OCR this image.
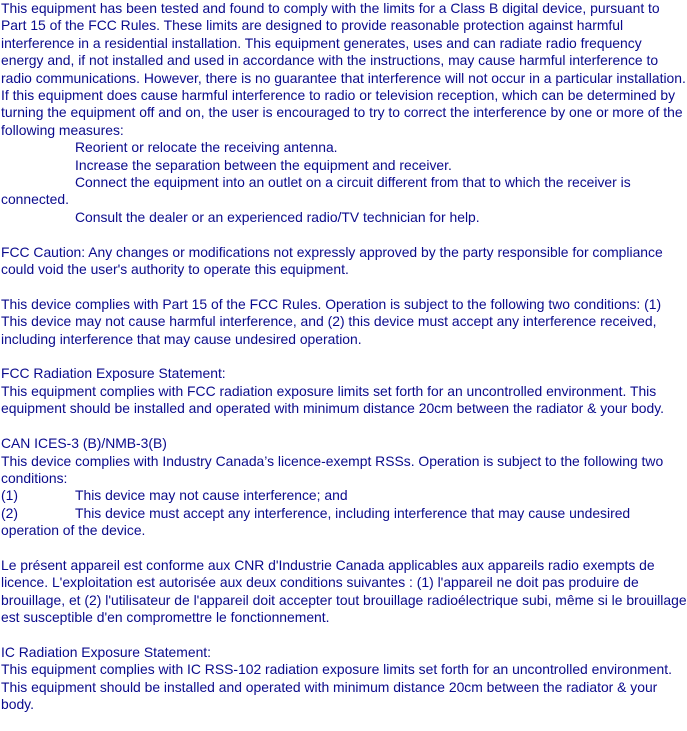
This equipment has been tested and found to comply with the limits for a Class B digital device, pursuant to Part 15 of the FCC Rules. These limits are designed to provide reasonable protection against harmful interference in a residential installation. This equipment generates, uses and can radiate radio frequency energy and, if not installed and used in accordance with the instructions, may cause harmful interference to radio communications. However, there is no guarantee that interference will not occur in a particular installation. If this equipment does cause harmful interference to radio or television reception, which can be determined by turning the equipment off and on, the user is encouraged to try to correct the interference by one or more of the following measures:

Reorient or relocate the receiving antenna.
Increase the separation between the equipment and receiver.
Connect the equipment into an outlet on a circuit different from that to which the receiver is connected.
Consult the dealer or an experienced radio/TV technician for help.

FCC Caution: Any changes or modifications not expressly approved by the party responsible for compliance could void the user's authority to operate this equipment.

This device complies with Part 15 of the FCC Rules. Operation is subject to the following two conditions: (1) This device may not cause harmful interference, and (2) this device must accept any interference received, including interference that may cause undesired operation.

FCC Radiation Exposure Statement:

This equipment complies with FCC radiation exposure limits set forth for an uncontrolled environment. This equipment should be installed and operated with minimum distance 20cm between the radiator & your body.

CAN ICES-3 (B)/NMB-3(B)

This device complies with Industry Canada’s licence-exempt RSSs. Operation is subject to the following two conditions:

(1)	This device may not cause interference; and

(2)	This device must accept any interference, including interference that may cause undesired operation of the device.

Le présent appareil est conforme aux CNR d'Industrie Canada applicables aux appareils radio exempts de licence. L'exploitation est autorisée aux deux conditions suivantes : (1) l'appareil ne doit pas produire de brouillage, et (2) l'utilisateur de l'appareil doit accepter tout brouillage radioélectrique subi, même si le brouillage est susceptible d'en compromettre le fonctionnement.

IC Radiation Exposure Statement:

This equipment complies with IC RSS-102 radiation exposure limits set forth for an uncontrolled environment. This equipment should be installed and operated with minimum distance 20cm between the radiator & your body.
